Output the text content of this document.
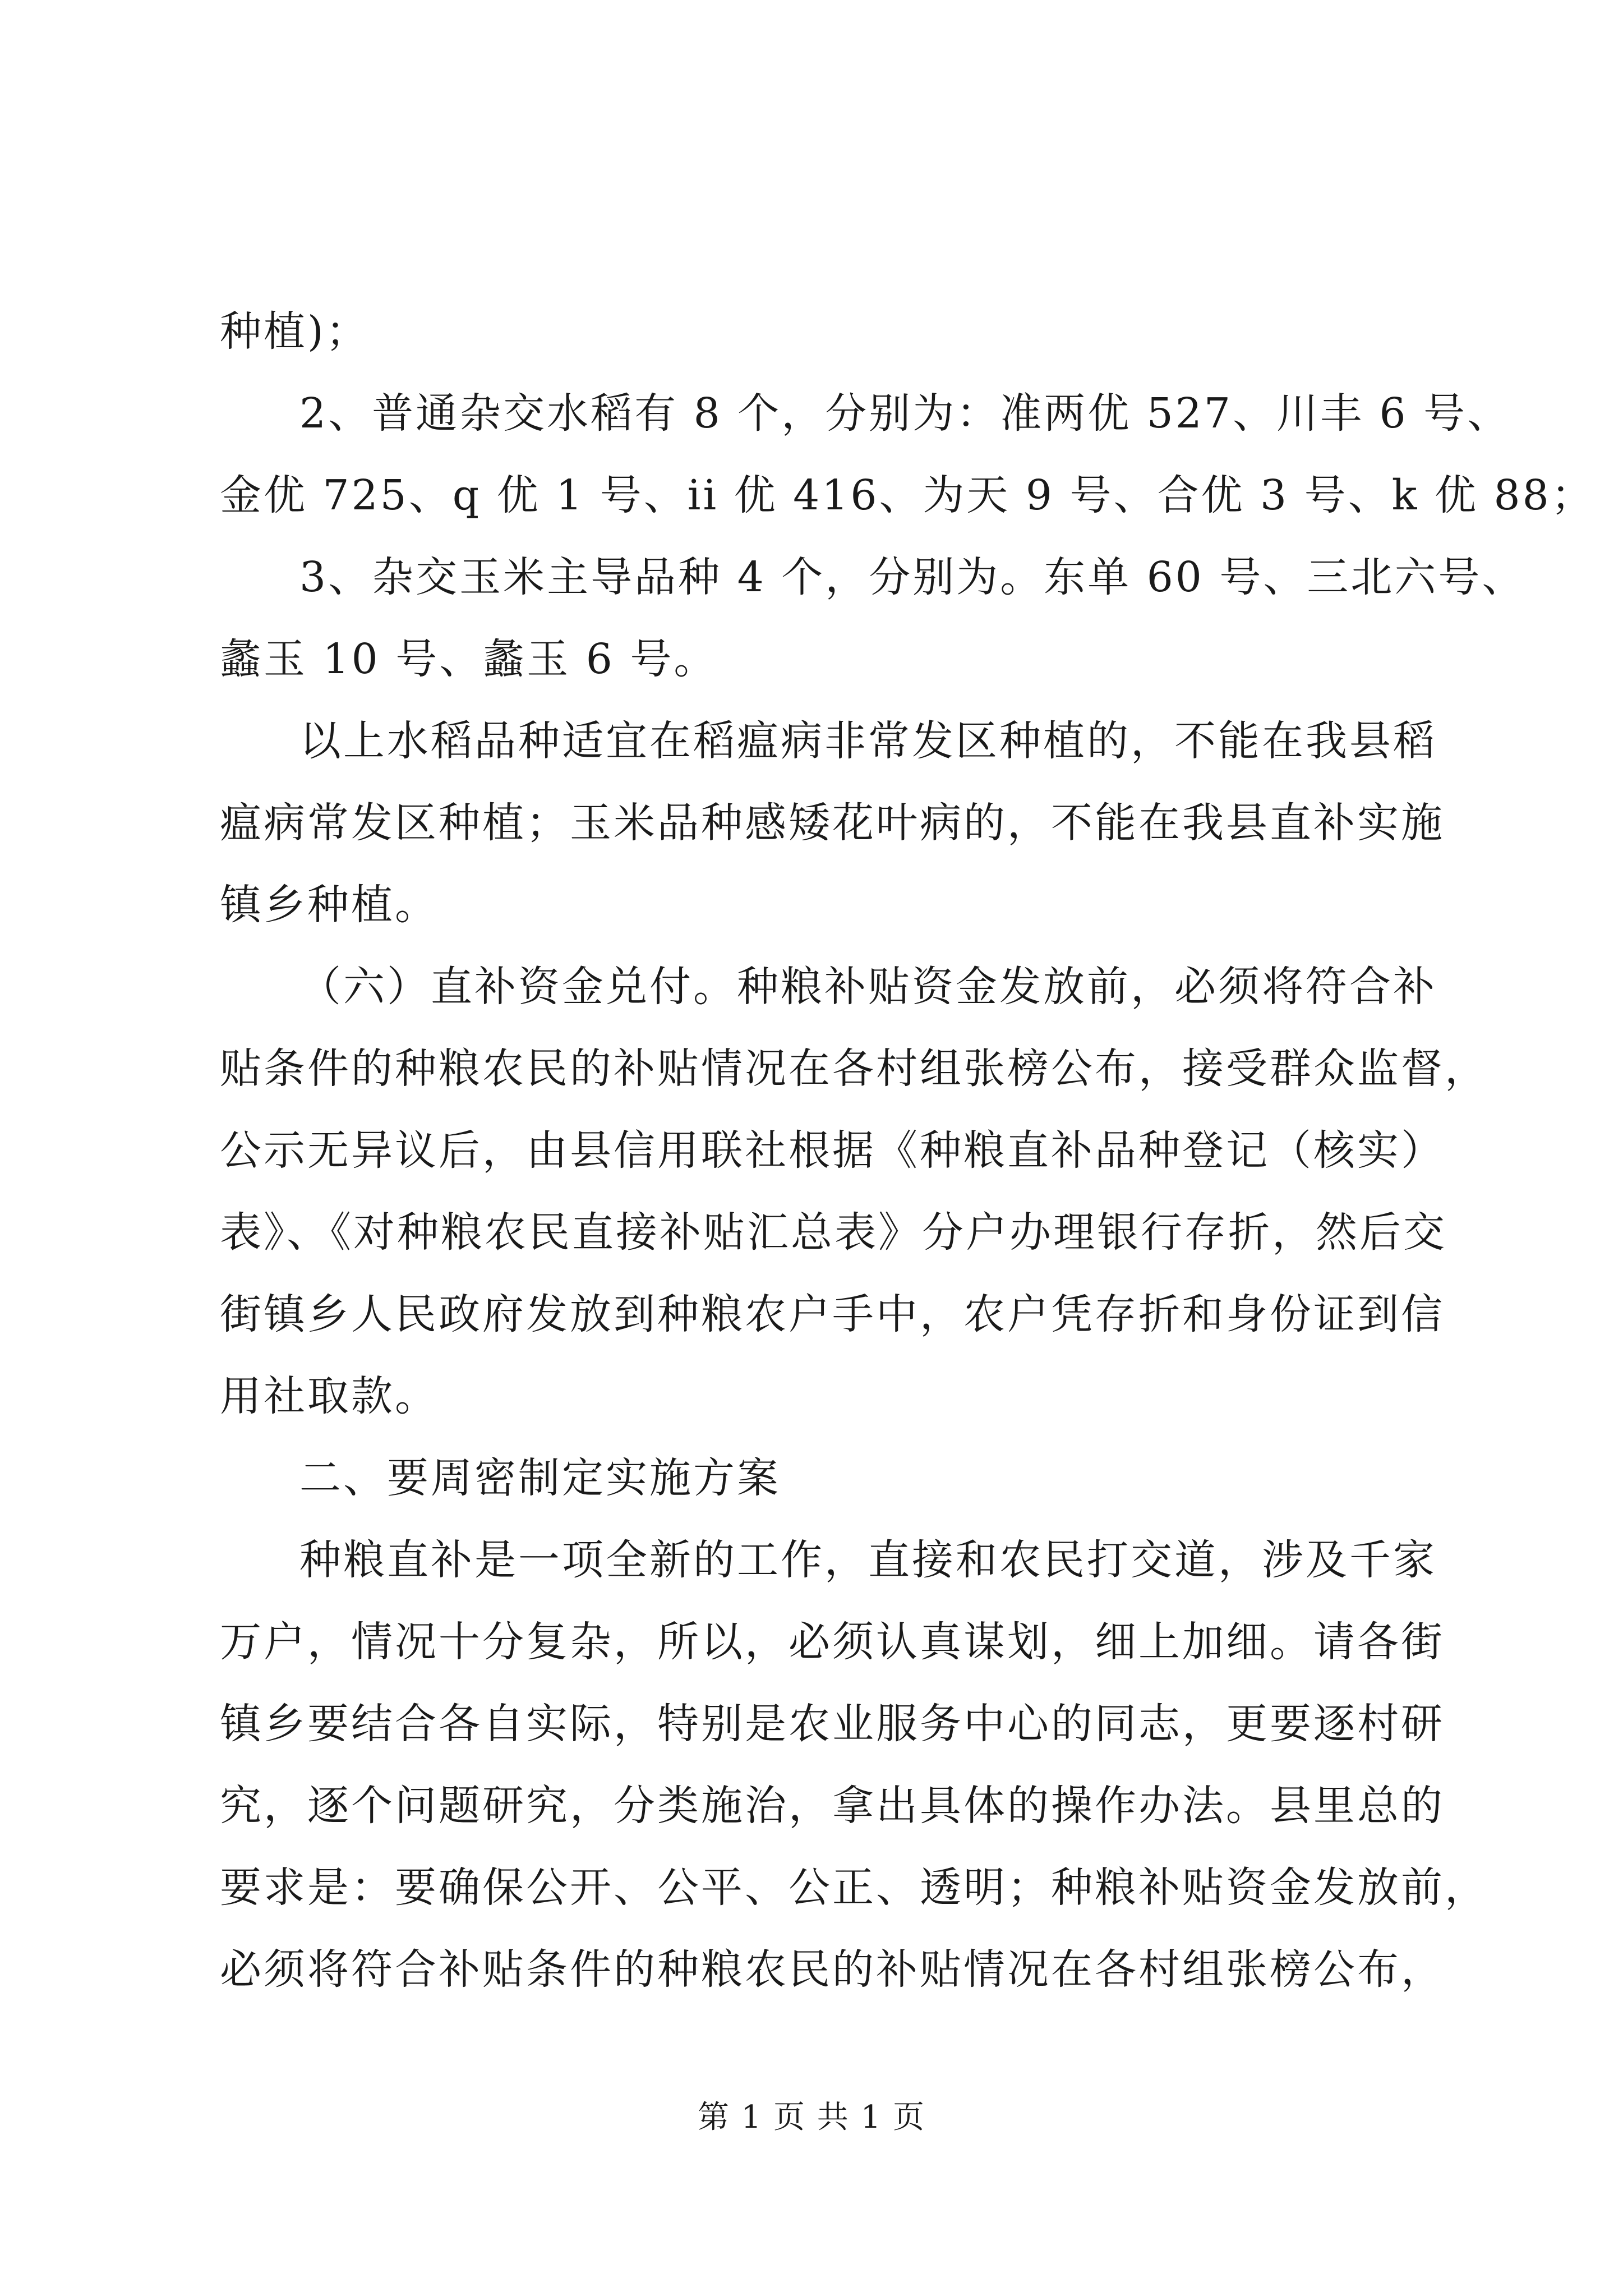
种植)；
2、普通杂交水稻有 8 个，分别为：准两优 527、川丰 6 号、
金优 725、q 优 1 号、ii 优 416、为天 9 号、合优 3 号、k 优 88；
3、杂交玉米主导品种 4 个，分别为。东单 60 号、三北六号、
蠡玉 10 号、蠡玉 6 号。
以上水稻品种适宜在稻瘟病非常发区种植的，不能在我县稻
瘟病常发区种植；玉米品种感矮花叶病的，不能在我县直补实施
镇乡种植。
（六）直补资金兑付。种粮补贴资金发放前，必须将符合补
贴条件的种粮农民的补贴情况在各村组张榜公布，接受群众监督，
公示无异议后，由县信用联社根据《种粮直补品种登记（核实）
表》、《对种粮农民直接补贴汇总表》分户办理银行存折，然后交
街镇乡人民政府发放到种粮农户手中，农户凭存折和身份证到信
用社取款。
二、要周密制定实施方案
种粮直补是一项全新的工作，直接和农民打交道，涉及千家
万户，情况十分复杂，所以，必须认真谋划，细上加细。请各街
镇乡要结合各自实际，特别是农业服务中心的同志，更要逐村研
究，逐个问题研究，分类施治，拿出具体的操作办法。县里总的
要求是：要确保公开、公平、公正、透明；种粮补贴资金发放前，
必须将符合补贴条件的种粮农民的补贴情况在各村组张榜公布，
第 1 页 共 1 页
